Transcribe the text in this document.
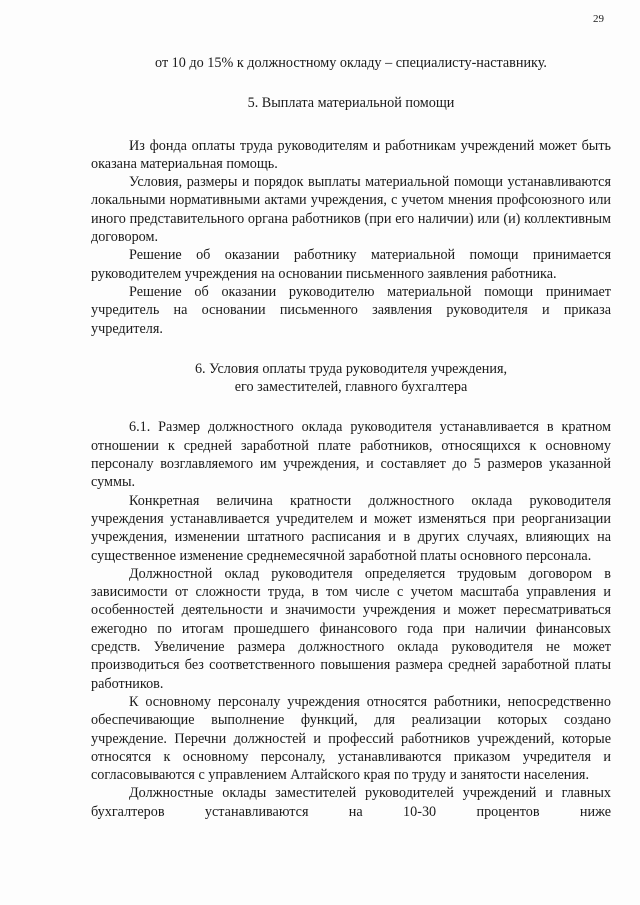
29

от 10 до 15% к должностному окладу – специалисту-наставнику.

5. Выплата материальной помощи

Из фонда оплаты труда руководителям и работникам учреждений может быть оказана материальная помощь.

Условия, размеры и порядок выплаты материальной помощи устанавливаются локальными нормативными актами учреждения, с учетом мнения профсоюзного или иного представительного органа работников (при его наличии) или (и) коллективным договором.

Решение об оказании работнику материальной помощи принимается руководителем учреждения на основании письменного заявления работника.

Решение об оказании руководителю материальной помощи принимает учредитель на основании письменного заявления руководителя и приказа учредителя.

6. Условия оплаты труда руководителя учреждения,
его заместителей, главного бухгалтера

6.1. Размер должностного оклада руководителя устанавливается в кратном отношении к средней заработной плате работников, относящихся к основному персоналу возглавляемого им учреждения, и составляет до 5 размеров указанной суммы.

Конкретная величина кратности должностного оклада руководителя учреждения устанавливается учредителем и может изменяться при реорганизации учреждения, изменении штатного расписания и в других случаях, влияющих на существенное изменение среднемесячной заработной платы основного персонала.

Должностной оклад руководителя определяется трудовым договором в зависимости от сложности труда, в том числе с учетом масштаба управления и особенностей деятельности и значимости учреждения и может пересматриваться ежегодно по итогам прошедшего финансового года при наличии финансовых средств. Увеличение размера должностного оклада руководителя не может производиться без соответственного повышения размера средней заработной платы работников.

К основному персоналу учреждения относятся работники, непосредственно обеспечивающие выполнение функций, для реализации которых создано учреждение. Перечни должностей и профессий работников учреждений, которые относятся к основному персоналу, устанавливаются приказом учредителя и согласовываются с управлением Алтайского края по труду и занятости населения.

Должностные оклады заместителей руководителей учреждений и главных бухгалтеров устанавливаются на 10-30 процентов ниже
